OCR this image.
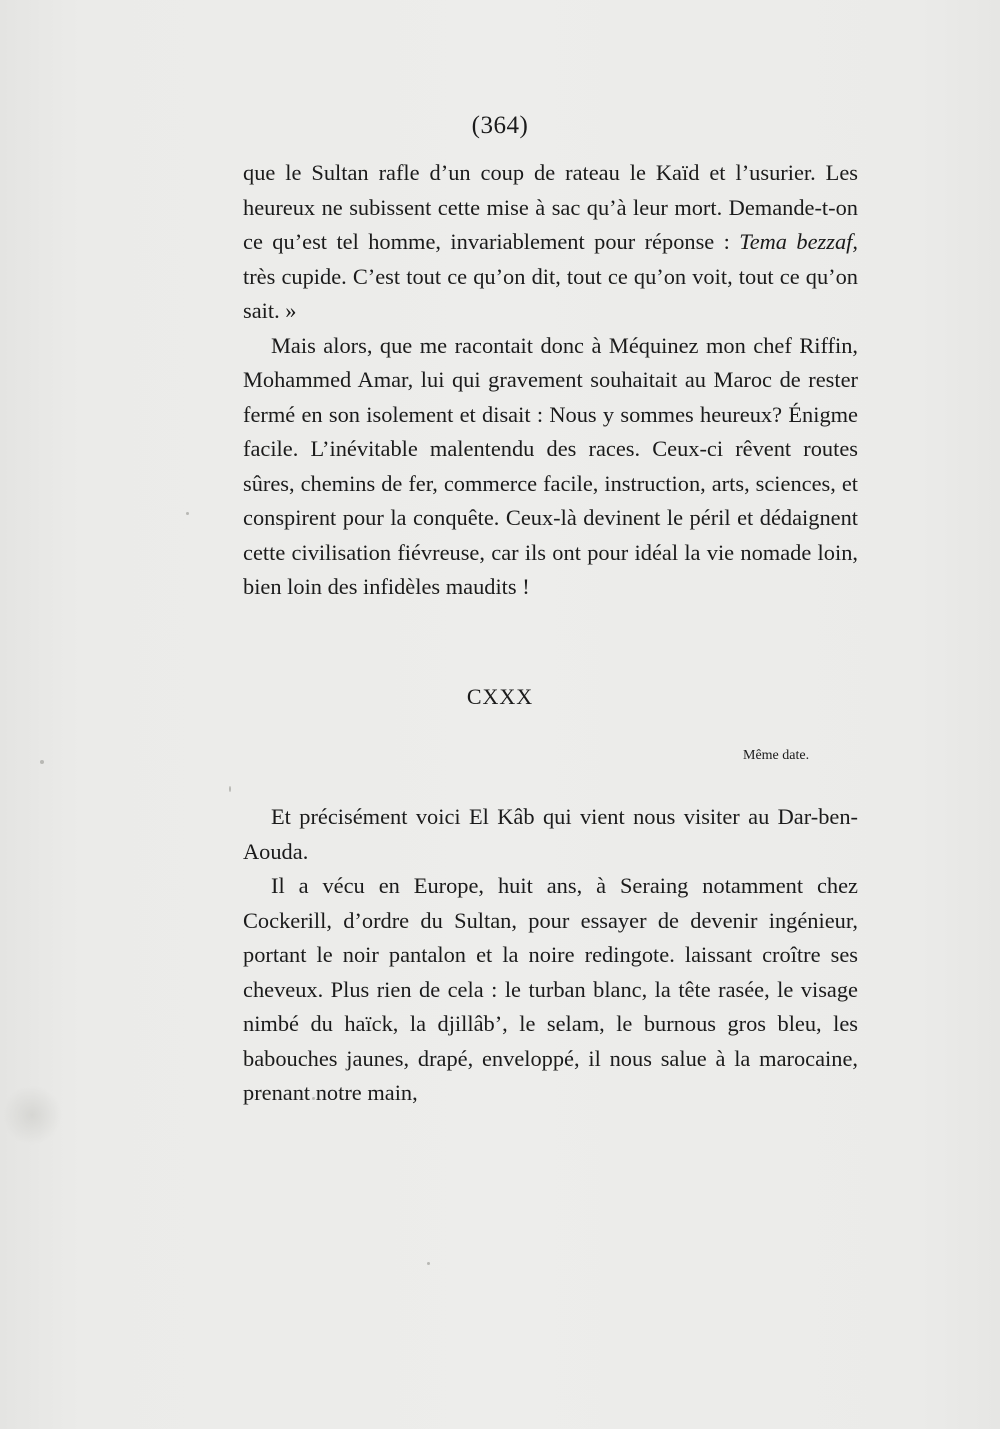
(364)

que le Sultan rafle d’un coup de rateau le Kaïd et l’usurier. Les heureux ne subissent cette mise à sac qu’à leur mort. Demande-t-on ce qu’est tel homme, invariablement pour réponse : Tema bezzaf, très cupide. C’est tout ce qu’on dit, tout ce qu’on voit, tout ce qu’on sait. »

Mais alors, que me racontait donc à Méquinez mon chef Riffin, Mohammed Amar, lui qui gravement souhaitait au Maroc de rester fermé en son isolement et disait : Nous y sommes heureux? Énigme facile. L’inévitable malentendu des races. Ceux-ci rêvent routes sûres, chemins de fer, commerce facile, instruction, arts, sciences, et conspirent pour la conquête. Ceux-là devinent le péril et dédaignent cette civilisation fiévreuse, car ils ont pour idéal la vie nomade loin, bien loin des infidèles maudits !

CXXX
Même date.

Et précisément voici El Kâb qui vient nous visiter au Dar-ben-Aouda.

Il a vécu en Europe, huit ans, à Seraing notamment chez Cockerill, d’ordre du Sultan, pour essayer de devenir ingénieur, portant le noir pantalon et la noire redingote. laissant croître ses cheveux. Plus rien de cela : le turban blanc, la tête rasée, le visage nimbé du haïck, la djillâb’, le selam, le burnous gros bleu, les babouches jaunes, drapé, enveloppé, il nous salue à la marocaine, prenant notre main,
